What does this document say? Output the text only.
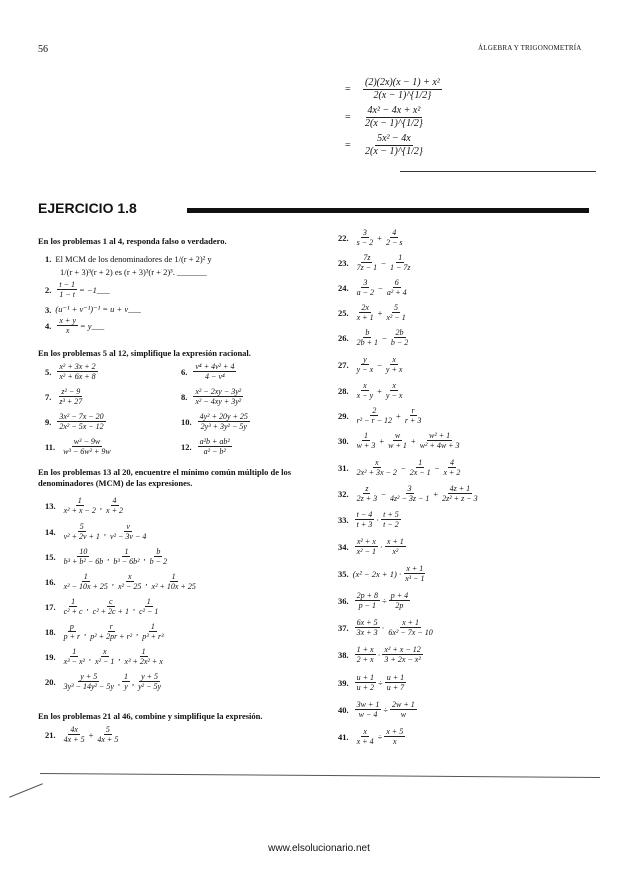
56	ÁLGEBRA Y TRIGONOMETRÍA
=	$\frac{\text{(2)(2x)(x − 1) + x²}}{2(x - 1)\^{}\{1/2\}}$
=	$\frac{\text{4x² − 4x + x²}}{2(x - 1)\^{}\{1/2\}}$
=	$\frac{\text{5x² − 4x}}{2(x - 1)\^{}\{1/2\}}$
EJERCICIO 1.8
En los problemas 1 al 4, responda falso o verdadero.
1. El MCM de los denominadores de 1/(r + 2)² y
1/(r + 3)³(r + 2) es (r + 3)³(r + 2)³. _______
2. $\frac{t - 1}{1 - t}$ = −1___
3. (u⁻¹ + v⁻¹)⁻¹ = u + v___
4. $\frac{x + y}{x}$ = y___
En los problemas 5 al 12, simplifique la expresión racional.
5. $\frac{\text{x² + 3x + 2}}{\text{x² + 6x + 8}}$	6. $\frac{\text{v⁴ + 4v² + 4}}{\text{4 − v⁴}}$
7. $\frac{\text{z² − 9}}{\text{z³ + 27}}$	8. $\frac{\text{x² − 2xy − 3y²}}{\text{x² − 4xy + 3y²}}$
9. $\frac{\text{3x² − 7x − 20}}{\text{2x² − 5x − 12}}$	10. $\frac{\text{4y² + 20y + 25}}{\text{2y³ + 3y² − 5y}}$
11. $\frac{\text{w³ − 9w}}{\text{w³ − 6w² + 9w}}$	12. $\frac{\text{a²b + ab²}}{\text{a² − b²}}$
En los problemas 13 al 20, encuentre el mínimo común múltiplo de los denominadores (MCM) de las expresiones.
13. $\frac{1}{\text{x² + x − 2}}$ , $\frac{4}{x + 2}$
14. $\frac{5}{\text{v² + 2v + 1}}$ , $\frac{v}{\text{v² − 3v − 4}}$
15. $\frac{10}{\text{b³ + b² − 6b}}$ , $\frac{1}{\text{b³ − 6b²}}$ , $\frac{b}{b - 2}$
16. $\frac{1}{\text{x² − 10x + 25}}$ , $\frac{x}{\text{x² − 25}}$ , $\frac{1}{\text{x² + 10x + 25}}$
17. $\frac{1}{\text{c² + c}}$ , $\frac{c}{\text{c² + 2c + 1}}$ , $\frac{1}{\text{c² − 1}}$
18. $\frac{p}{p + r}$ , $\frac{r}{\text{p² + 2pr + r²}}$ , $\frac{1}{\text{p³ + r³}}$
19. $\frac{1}{\text{x³ − x²}}$ , $\frac{x}{\text{x² − 1}}$ , $\frac{1}{\text{x³ + 2x² + x}}$
20. $\frac{y + 5}{\text{3y³ − 14y² − 5y}}$ , $\frac{1}{y}$ , $\frac{y + 5}{\text{y² − 5y}}$
En los problemas 21 al 46, combine y simplifique la expresión.
21. $\frac{4x}{4x + 5} + \frac{5}{4x + 5}$
22. $\frac{3}{s - 2} + \frac{4}{2 - s}$
23. $\frac{7z}{7z - 1} - \frac{1}{1 - 7z}$
24. $\frac{3}{a - 2} - \frac{6}{\text{a² + 4}}$
25. $\frac{2x}{x + 1} + \frac{5}{\text{x² − 1}}$
26. $\frac{b}{2b + 1} - \frac{2b}{b - 2}$
27. $\frac{y}{y - x} - \frac{x}{y + x}$
28. $\frac{x}{x - y} + \frac{x}{y - x}$
29. $\frac{2}{\text{r² − r − 12}} + \frac{r}{r + 3}$
30. $\frac{1}{w + 3} + \frac{w}{w + 1} + \frac{\text{w² + 1}}{\text{w² + 4w + 3}}$
31. $\frac{x}{\text{2x² + 3x − 2}} - \frac{1}{2x - 1} - \frac{4}{x + 2}$
32. $\frac{z}{2z + 3} - \frac{3}{\text{4z² − 3z − 1}} + \frac{4z + 1}{\text{2z² + z − 3}}$
33. $\frac{t - 4}{t + 3} \cdot \frac{t + 5}{t - 2}$
34. $\frac{\text{x² + x}}{\text{x² − 1}} \cdot \frac{x + 1}{\text{x²}}$
35. $(x^2 - 2x + 1) \cdot \frac{x + 1}{\text{x³ − 1}}$
36. $\frac{2p + 8}{p - 1} \div \frac{p + 4}{2p}$
37. $\frac{6x + 5}{3x + 3} \cdot \frac{x + 1}{\text{6x² − 7x − 10}}$
38. $\frac{1 + x}{2 + x} \cdot \frac{\text{x² + x − 12}}{\text{3 + 2x − x²}}$
39. $\frac{u + 1}{u + 2} \div \frac{u + 1}{u + 7}$
40. $\frac{3w + 1}{w - 4} \div \frac{2w + 1}{w}$
41. $\frac{x}{x + 4} \div \frac{x + 5}{x}$
www.elsolucionario.net
